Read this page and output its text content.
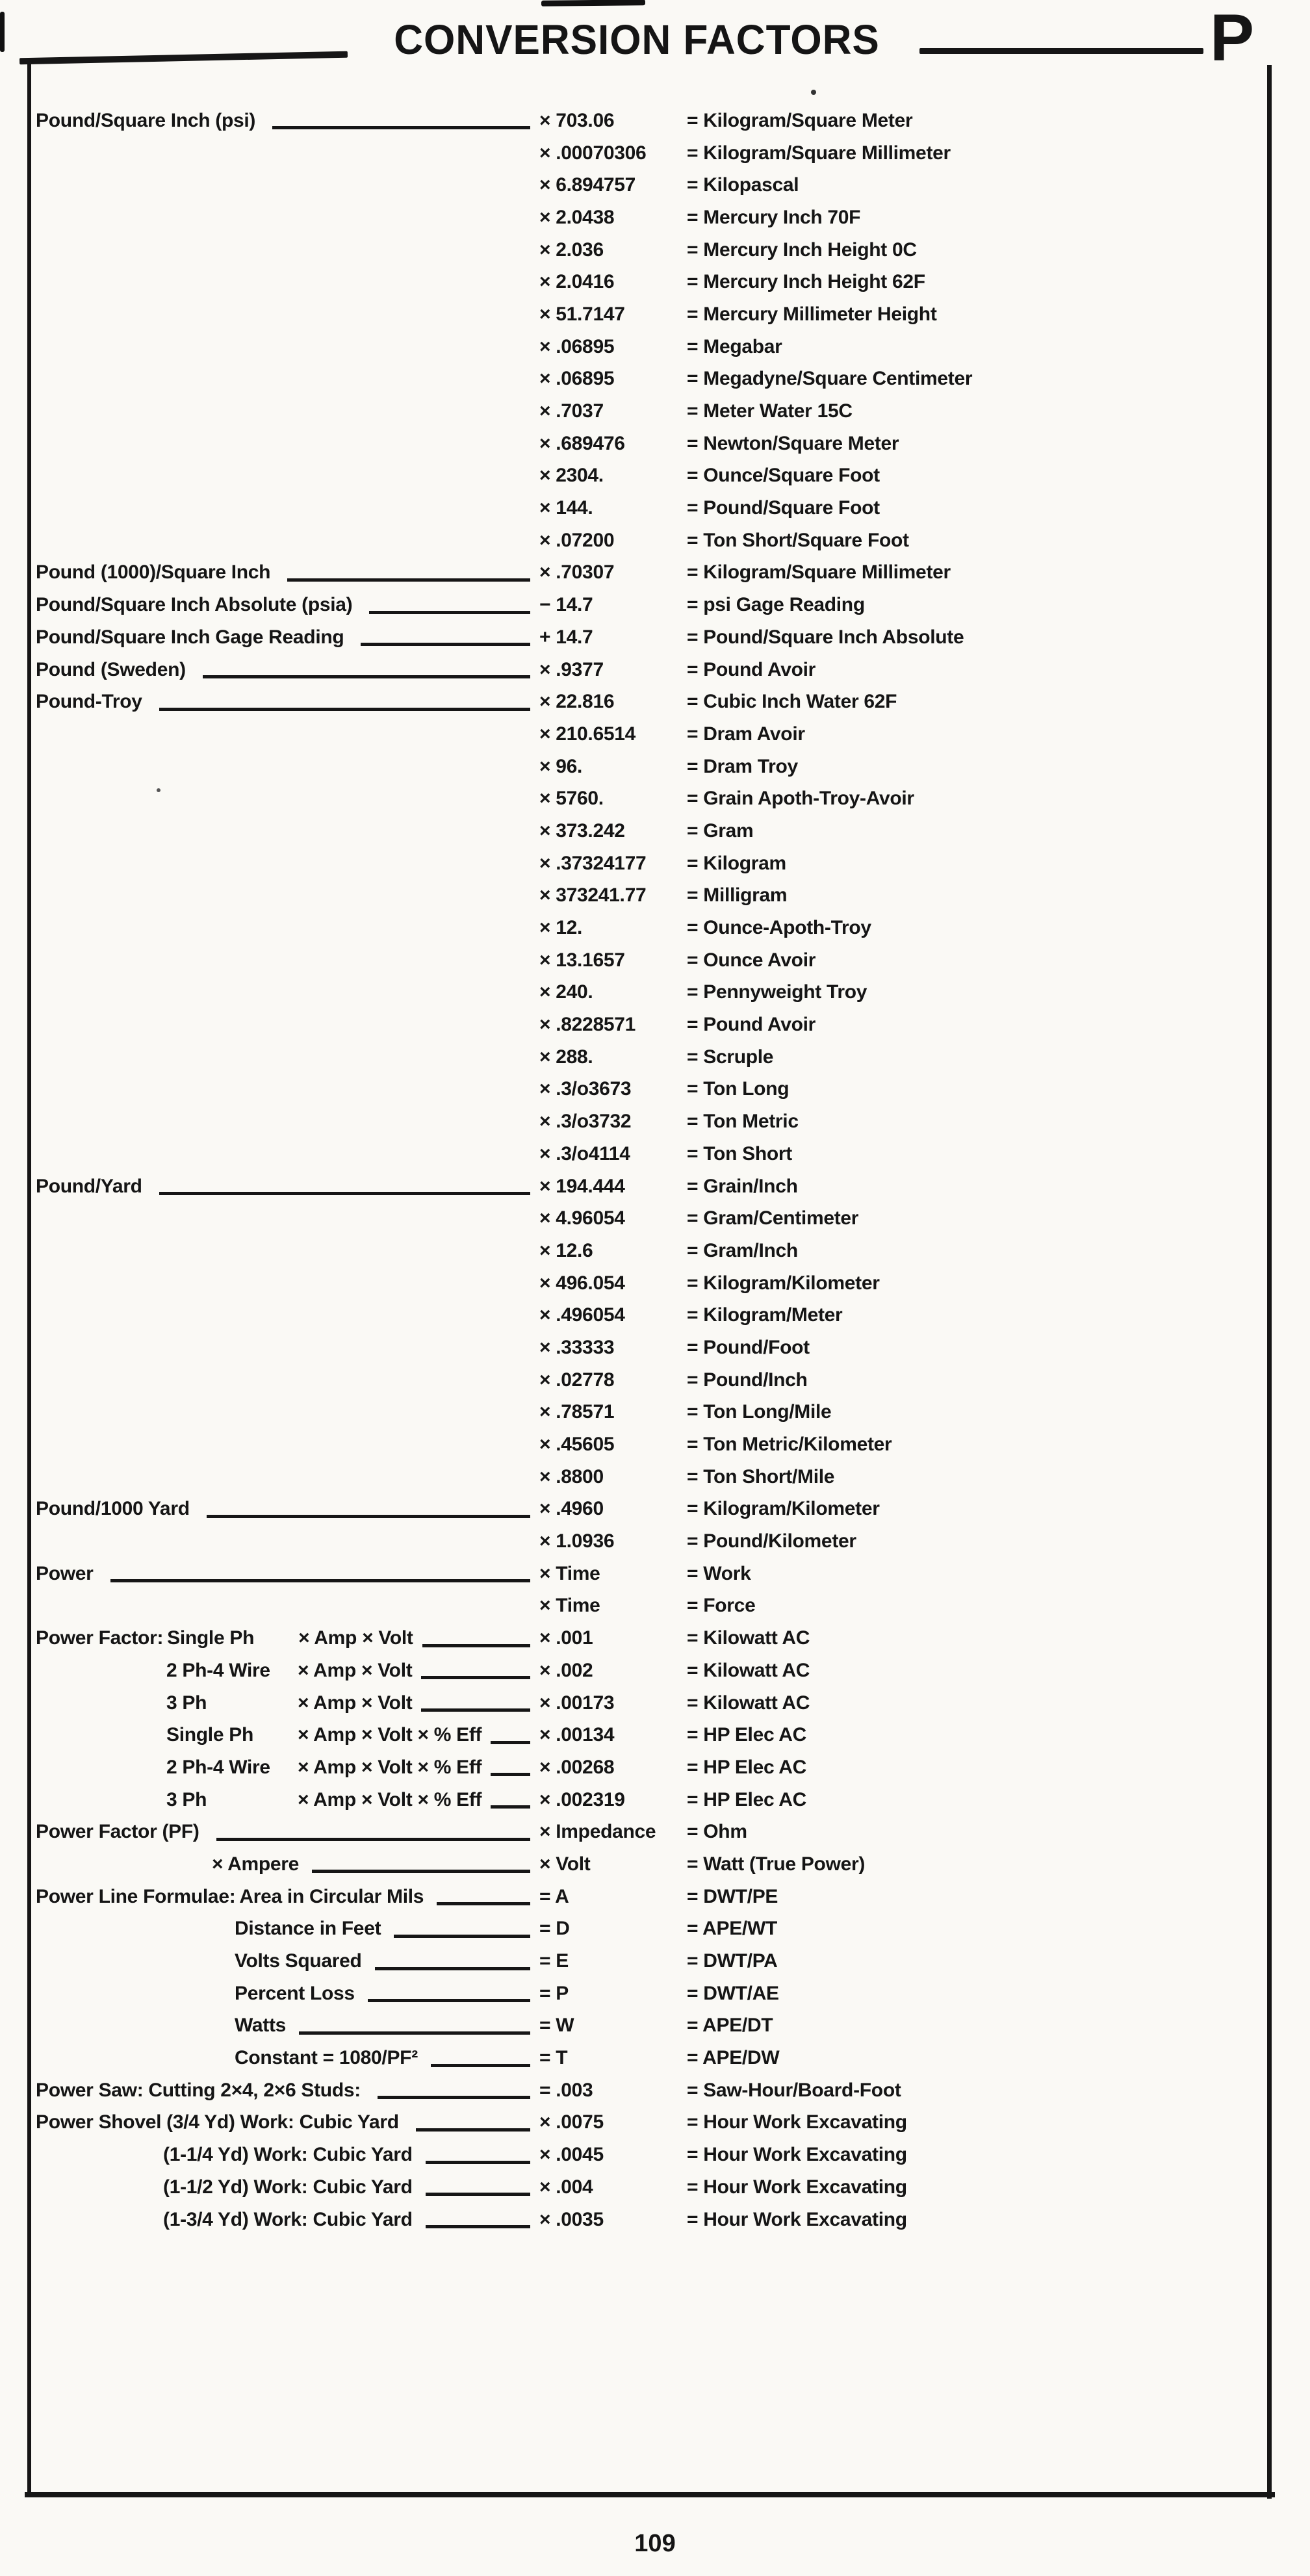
CONVERSION FACTORS	P
Pound/Square Inch (psi)	× 703.06	= Kilogram/Square Meter
× .00070306	= Kilogram/Square Millimeter
× 6.894757	= Kilopascal
× 2.0438	= Mercury Inch 70F
× 2.036	= Mercury Inch Height 0C
× 2.0416	= Mercury Inch Height 62F
× 51.7147	= Mercury Millimeter Height
× .06895	= Megabar
× .06895	= Megadyne/Square Centimeter
× .7037	= Meter Water 15C
× .689476	= Newton/Square Meter
× 2304.	= Ounce/Square Foot
× 144.	= Pound/Square Foot
× .07200	= Ton Short/Square Foot
Pound (1000)/Square Inch	× .70307	= Kilogram/Square Millimeter
Pound/Square Inch Absolute (psia)	− 14.7	= psi Gage Reading
Pound/Square Inch Gage Reading	+ 14.7	= Pound/Square Inch Absolute
Pound (Sweden)	× .9377	= Pound Avoir
Pound-Troy	× 22.816	= Cubic Inch Water 62F
× 210.6514	= Dram Avoir
× 96.	= Dram Troy
× 5760.	= Grain Apoth-Troy-Avoir
× 373.242	= Gram
× .37324177	= Kilogram
× 373241.77	= Milligram
× 12.	= Ounce-Apoth-Troy
× 13.1657	= Ounce Avoir
× 240.	= Pennyweight Troy
× .8228571	= Pound Avoir
× 288.	= Scruple
× .3/o3673	= Ton Long
× .3/o3732	= Ton Metric
× .3/o4114	= Ton Short
Pound/Yard	× 194.444	= Grain/Inch
× 4.96054	= Gram/Centimeter
× 12.6	= Gram/Inch
× 496.054	= Kilogram/Kilometer
× .496054	= Kilogram/Meter
× .33333	= Pound/Foot
× .02778	= Pound/Inch
× .78571	= Ton Long/Mile
× .45605	= Ton Metric/Kilometer
× .8800	= Ton Short/Mile
Pound/1000 Yard	× .4960	= Kilogram/Kilometer
× 1.0936	= Pound/Kilometer
Power	× Time	= Work
× Time	= Force
Power Factor: Single Ph	× Amp × Volt	× .001	= Kilowatt AC
2 Ph-4 Wire	× Amp × Volt	× .002	= Kilowatt AC
3 Ph	× Amp × Volt	× .00173	= Kilowatt AC
Single Ph	× Amp × Volt × % Eff	× .00134	= HP Elec AC
2 Ph-4 Wire	× Amp × Volt × % Eff	× .00268	= HP Elec AC
3 Ph	× Amp × Volt × % Eff	× .002319	= HP Elec AC
Power Factor (PF)	× Impedance	= Ohm
× Ampere	× Volt	= Watt (True Power)
Power Line Formulae: Area in Circular Mils	= A	= DWT/PE
Distance in Feet	= D	= APE/WT
Volts Squared	= E	= DWT/PA
Percent Loss	= P	= DWT/AE
Watts	= W	= APE/DT
Constant = 1080/PF²	= T	= APE/DW
Power Saw: Cutting 2×4, 2×6 Studs:	= .003	= Saw-Hour/Board-Foot
Power Shovel (3/4 Yd) Work: Cubic Yard	× .0075	= Hour Work Excavating
(1-1/4 Yd) Work: Cubic Yard	× .0045	= Hour Work Excavating
(1-1/2 Yd) Work: Cubic Yard	× .004	= Hour Work Excavating
(1-3/4 Yd) Work: Cubic Yard	× .0035	= Hour Work Excavating
109
